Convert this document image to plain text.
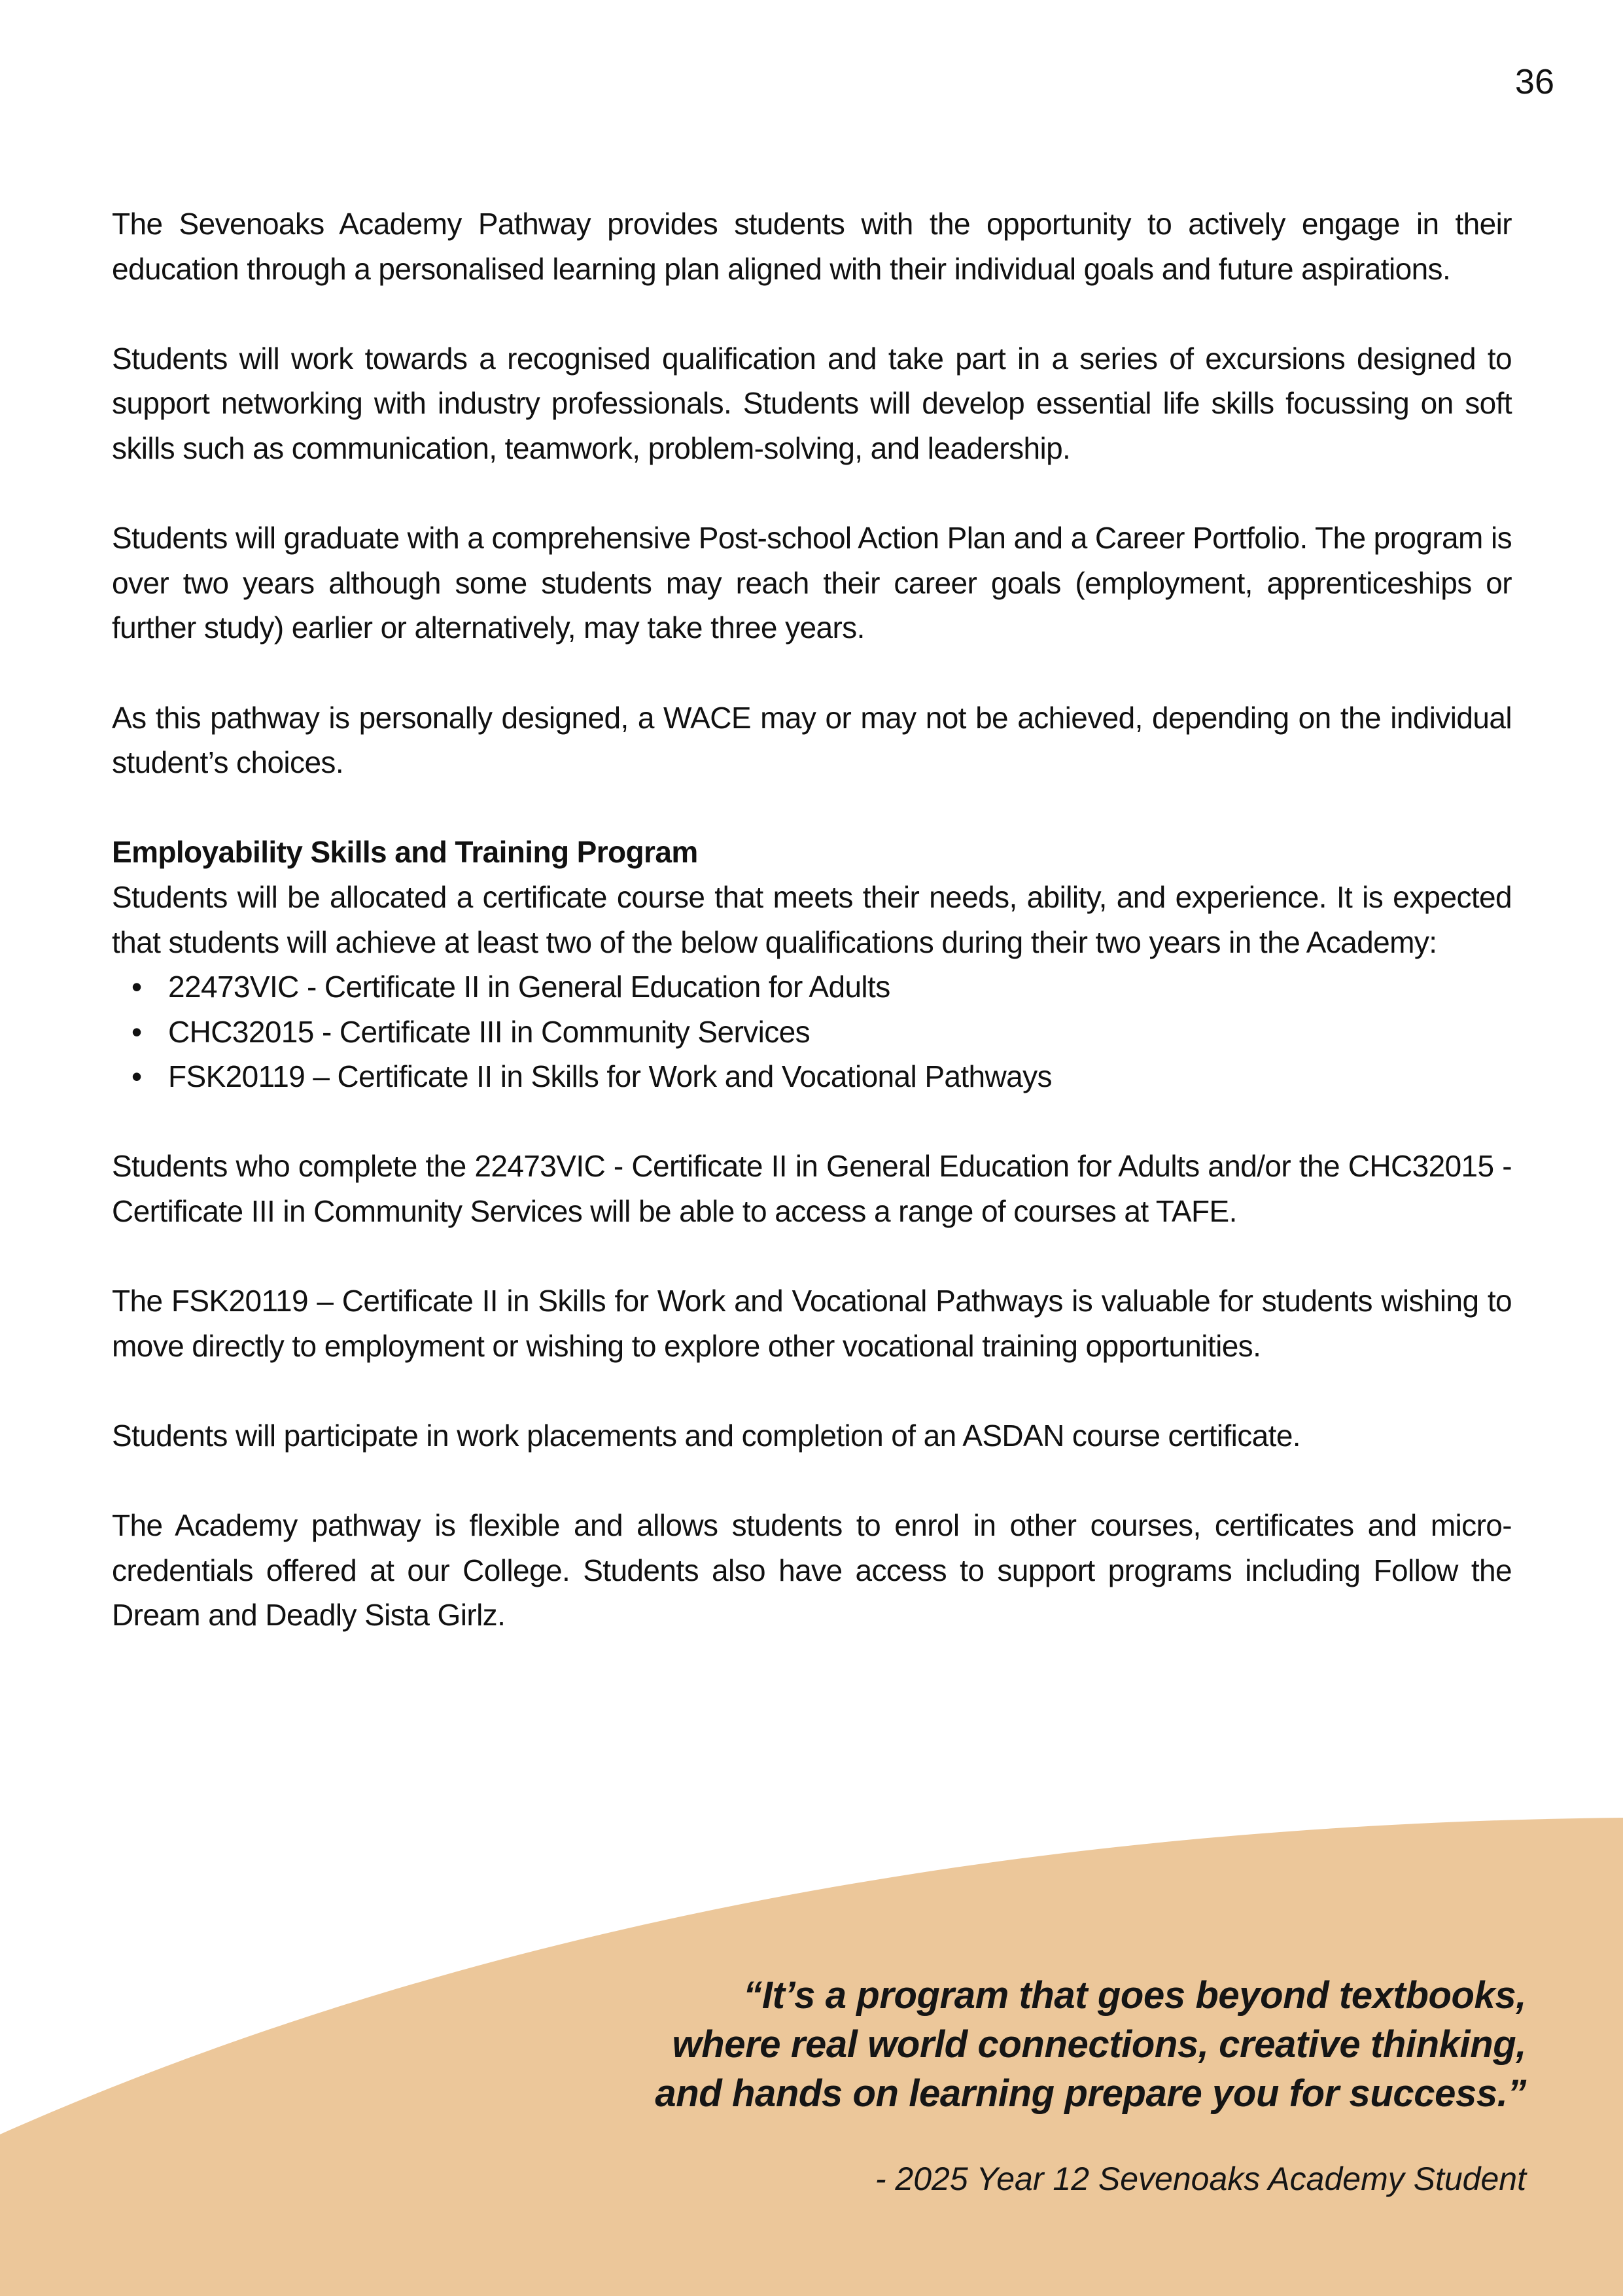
36

The Sevenoaks Academy Pathway provides students with the opportunity to actively engage in their education through a personalised learning plan aligned with their individual goals and future aspirations.

Students will work towards a recognised qualification and take part in a series of excursions designed to support networking with industry professionals. Students will develop essential life skills focussing on soft skills such as communication, teamwork, problem-solving, and leadership.

Students will graduate with a comprehensive Post-school Action Plan and a Career Portfolio. The program is over two years although some students may reach their career goals (employment, apprenticeships or further study) earlier or alternatively, may take three years.

As this pathway is personally designed, a WACE may or may not be achieved, depending on the individual student’s choices.

Employability Skills and Training Program

Students will be allocated a certificate course that meets their needs, ability, and experience. It is expected that students will achieve at least two of the below qualifications during their two years in the Academy:

• 22473VIC - Certificate II in General Education for Adults
• CHC32015 - Certificate III in Community Services
• FSK20119 – Certificate II in Skills for Work and Vocational Pathways

Students who complete the 22473VIC - Certificate II in General Education for Adults and/or the CHC32015 - Certificate III in Community Services will be able to access a range of courses at TAFE.

The FSK20119 – Certificate II in Skills for Work and Vocational Pathways is valuable for students wishing to move directly to employment or wishing to explore other vocational training opportunities.

Students will participate in work placements and completion of an ASDAN course certificate.

The Academy pathway is flexible and allows students to enrol in other courses, certificates and micro-credentials offered at our College. Students also have access to support programs including Follow the Dream and Deadly Sista Girlz.

“It’s a program that goes beyond textbooks,
where real world connections, creative thinking,
and hands on learning prepare you for success.”
- 2025 Year 12 Sevenoaks Academy Student
